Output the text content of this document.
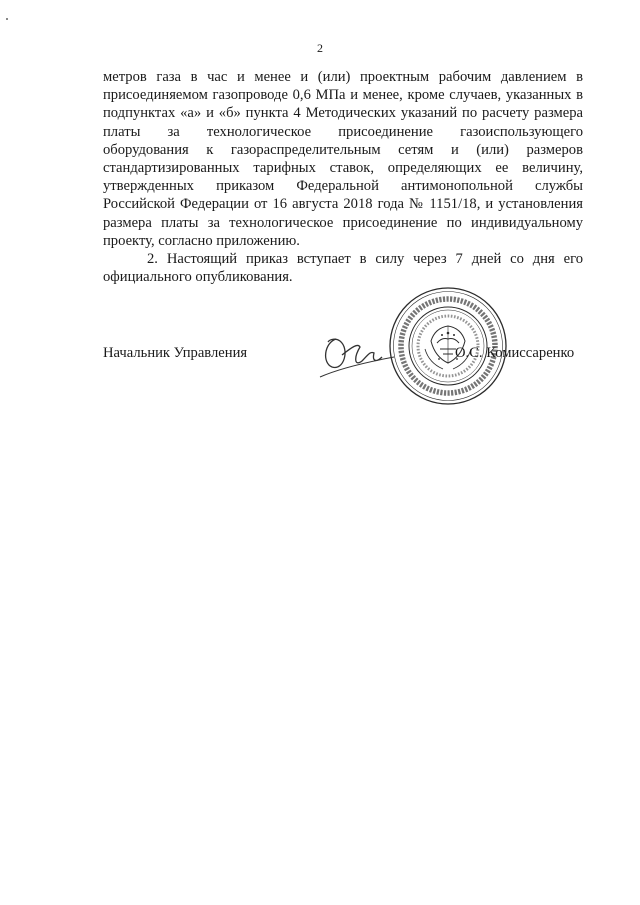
2
метров газа в час и менее и (или) проектным рабочим давлением в
присоединяемом газопроводе 0,6 МПа и менее, кроме случаев, указанных в
подпунктах «а» и «б» пункта 4 Методических указаний по расчету размера
платы за технологическое присоединение газоиспользующего
оборудования к газораспределительным сетям и (или) размеров
стандартизированных тарифных ставок, определяющих ее величину,
утвержденных приказом Федеральной антимонопольной службы
Российской Федерации от 16 августа 2018 года № 1151/18, и установления
размера платы за технологическое присоединение по индивидуальному
проекту, согласно приложению.
2. Настоящий приказ вступает в силу через 7 дней со дня его
официального опубликования.
Начальник Управления	О.С. Комиссаренко
